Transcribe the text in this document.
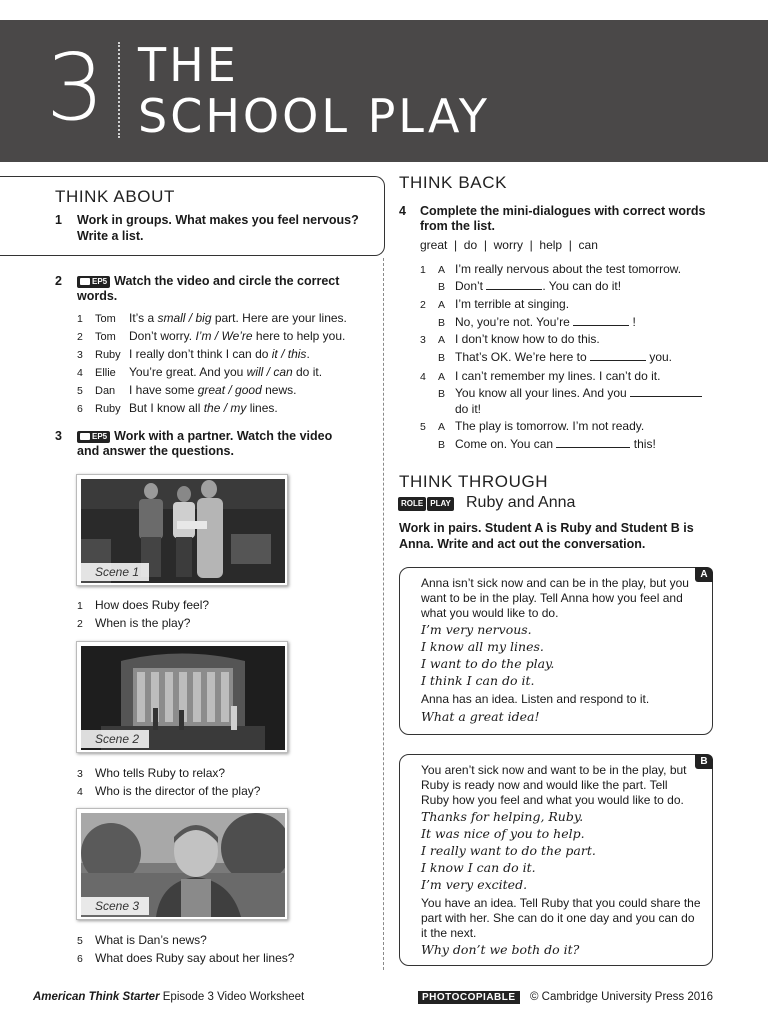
3 THE
SCHOOL PLAY
THINK ABOUT
1 Work in groups. What makes you feel nervous?
Write a list.
2	EP5 Watch the video and circle the correct
words.
1 Tom It’s a small / big part. Here are your lines.
2 Tom Don’t worry. I’m / We’re here to help you.
3 Ruby I really don’t think I can do it / this.
4 Ellie You’re great. And you will / can do it.
5 Dan I have some great / good news.
6 Ruby But I know all the / my lines.
3	EP5 Work with a partner. Watch the video
and answer the questions.
Scene 1
1 How does Ruby feel?
2 When is the play?
Scene 2
3 Who tells Ruby to relax?
4 Who is the director of the play?
Scene 3
5 What is Dan’s news?
6 What does Ruby say about her lines?
THINK BACK
4 Complete the mini-dialogues with correct words
from the list.
great  |  do  |  worry  |  help  |  can
1 A I’m really nervous about the test tomorrow.
B Don’t	. You can do it!
2 A I’m terrible at singing.
B No, you’re not. You’re	!
3 A I don’t know how to do this.
B That’s OK. We’re here to	you.
4 A I can’t remember my lines. I can’t do it.
B You know all your lines. And you
do it!
5 A The play is tomorrow. I’m not ready.
B Come on. You can	this!
THINK THROUGH
ROLE PLAY Ruby and Anna
Work in pairs. Student A is Ruby and Student B is
Anna. Write and act out the conversation.
A
Anna isn’t sick now and can be in the play, but you
want to be in the play. Tell Anna how you feel and
what you would like to do.
I’m very nervous.
I know all my lines.
I want to do the play.
I think I can do it.
Anna has an idea. Listen and respond to it.
What a great idea!
B
You aren’t sick now and want to be in the play, but
Ruby is ready now and would like the part. Tell
Ruby how you feel and what you would like to do.
Thanks for helping, Ruby.
It was nice of you to help.
I really want to do the part.
I know I can do it.
I’m very excited.
You have an idea. Tell Ruby that you could share the
part with her. She can do it one day and you can do
it the next.
Why don’t we both do it?
American Think Starter Episode 3 Video Worksheet	PHOTOCOPIABLE	© Cambridge University Press 2016
